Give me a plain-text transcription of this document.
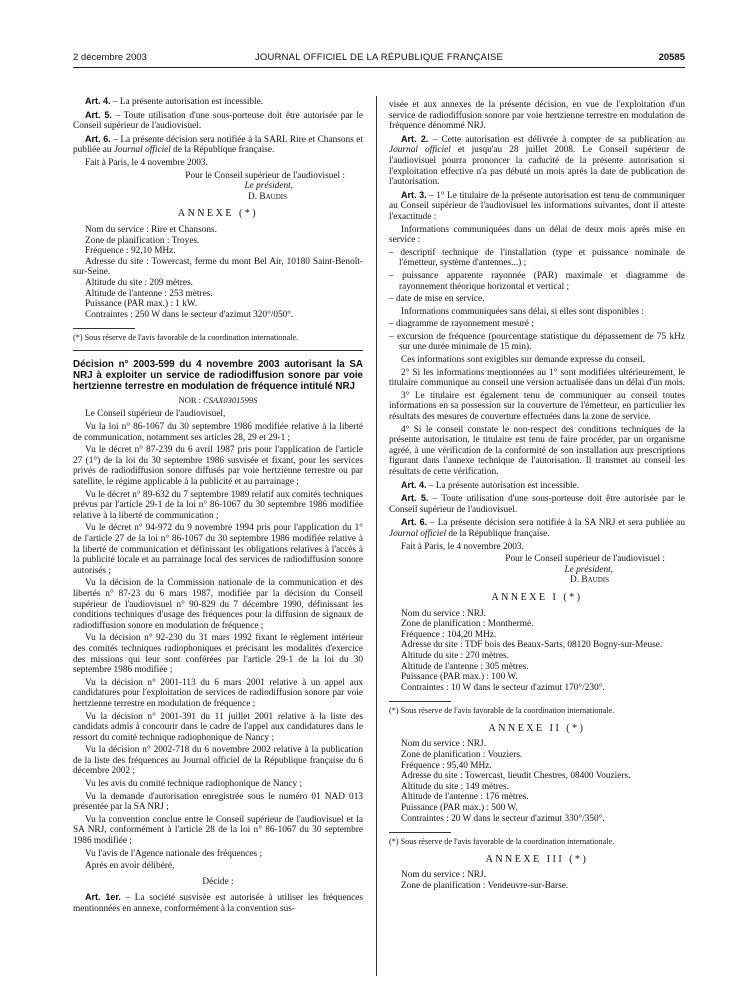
2 décembre 2003	JOURNAL OFFICIEL DE LA RÉPUBLIQUE FRANÇAISE	20585

Art. 4. – La présente autorisation est incessible.

Art. 5. – Toute utilisation d'une sous-porteuse doit être autorisée par le Conseil supérieur de l'audiovisuel.

Art. 6. – La présente décision sera notifiée à la SARL Rire et Chansons et publiée au Journal officiel de la République française.

Fait à Paris, le 4 novembre 2003.

Pour le Conseil supérieur de l'audiovisuel :
Le président,
D. Baudis
ANNEXE (*)

Nom du service : Rire et Chansons.

Zone de planification : Troyes.

Fréquence : 92,10 MHz.

Adresse du site : Towercast, ferme du mont Bel Air, 10180 Saint-Benoît-sur-Seine.

Altitude du site : 209 mètres.

Altitude de l'antenne : 253 mètres.

Puissance (PAR max.) : 1 kW.

Contraintes : 250 W dans le secteur d'azimut 320°/050°.

(*) Sous réserve de l'avis favorable de la coordination internationale.

Décision n° 2003-599 du 4 novembre 2003 autorisant la SA NRJ à exploiter un service de radiodiffusion sonore par voie hertzienne terrestre en modulation de fréquence intitulé NRJ
NOR : CSAX0301599S

Le Conseil supérieur de l'audiovisuel,

Vu la loi n° 86-1067 du 30 septembre 1986 modifiée relative à la liberté de communication, notamment ses articles 28, 29 et 29-1 ;

Vu le décret n° 87-239 du 6 avril 1987 pris pour l'application de l'article 27 (1°) de la loi du 30 septembre 1986 susvisée et fixant, pour les services privés de radiodiffusion sonore diffusés par voie hertzienne terrestre ou par satellite, le régime applicable à la publicité et au parrainage ;

Vu le décret n° 89-632 du 7 septembre 1989 relatif aux comités techniques prévus par l'article 29-1 de la loi n° 86-1067 du 30 septembre 1986 modifiée relative à la liberté de communication ;

Vu le décret n° 94-972 du 9 novembre 1994 pris pour l'application du 1° de l'article 27 de la loi n° 86-1067 du 30 septembre 1986 modifiée relative à la liberté de communication et définissant les obligations relatives à l'accès à la publicité locale et au parrainage local des services de radiodiffusion sonore autorisés ;

Vu la décision de la Commission nationale de la communication et des libertés n° 87-23 du 6 mars 1987, modifiée par la décision du Conseil supérieur de l'audiovisuel n° 90-829 du 7 décembre 1990, définissant les conditions techniques d'usage des fréquences pour la diffusion de signaux de radiodiffusion sonore en modulation de fréquence ;

Vu la décision n° 92-230 du 31 mars 1992 fixant le règlement intérieur des comités techniques radiophoniques et précisant les modalités d'exercice des missions qui leur sont conférées par l'article 29-1 de la loi du 30 septembre 1986 modifiée ;

Vu la décision n° 2001-113 du 6 mars 2001 relative à un appel aux candidatures pour l'exploitation de services de radiodiffusion sonore par voie hertzienne terrestre en modulation de fréquence ;

Vu la décision n° 2001-391 du 11 juillet 2001 relative à la liste des candidats admis à concourir dans le cadre de l'appel aux candidatures dans le ressort du comité technique radiophonique de Nancy ;

Vu la décision n° 2002-718 du 6 novembre 2002 relative à la publication de la liste des fréquences au Journal officiel de la République française du 6 décembre 2002 ;

Vu les avis du comité technique radiophonique de Nancy ;

Vu la demande d'autorisation enregistrée sous le numéro 01 NAD 013 présentée par la SA NRJ ;

Vu la convention conclue entre le Conseil supérieur de l'audiovisuel et la SA NRJ, conformément à l'article 28 de la loi n° 86-1067 du 30 septembre 1986 modifiée ;

Vu l'avis de l'Agence nationale des fréquences ;

Après en avoir délibéré,

Décide :

Art. 1er. – La société susvisée est autorisée à utiliser les fréquences mentionnées en annexe, conformément à la convention sus-

visée et aux annexes de la présente décision, en vue de l'exploitation d'un service de radiodiffusion sonore par voie hertzienne terrestre en modulation de fréquence dénommé NRJ.

Art. 2. – Cette autorisation est délivrée à compter de sa publication au Journal officiel et jusqu'au 28 juillet 2008. Le Conseil supérieur de l'audiovisuel pourra prononcer la caducité de la présente autorisation si l'exploitation effective n'a pas débuté un mois après la date de publication de l'autorisation.

Art. 3. – 1° Le titulaire de la présente autorisation est tenu de communiquer au Conseil supérieur de l'audiovisuel les informations suivantes, dont il atteste l'exactitude :

Informations communiquées dans un délai de deux mois après mise en service :

– descriptif technique de l'installation (type et puissance nominale de l'émetteur, système d'antennes...) ;

– puissance apparente rayonnée (PAR) maximale et diagramme de rayonnement théorique horizontal et vertical ;

– date de mise en service.

Informations communiquées sans délai, si elles sont disponibles :

– diagramme de rayonnement mesuré ;

– excursion de fréquence (pourcentage statistique du dépassement de 75 kHz sur une durée minimale de 15 min).

Ces informations sont exigibles sur demande expresse du conseil.

2° Si les informations mentionnées au 1° sont modifiées ultérieurement, le titulaire communique au conseil une version actualisée dans un délai d'un mois.

3° Le titulaire est également tenu de communiquer au conseil toutes informations en sa possession sur la couverture de l'émetteur, en particulier les résultats des mesures de couverture effectuées dans la zone de service.

4° Si le conseil constate le non-respect des conditions techniques de la présente autorisation, le titulaire est tenu de faire procéder, par un organisme agréé, à une vérification de la conformité de son installation aux prescriptions figurant dans l'annexe technique de l'autorisation. Il transmet au conseil les résultats de cette vérification.

Art. 4. – La présente autorisation est incessible.

Art. 5. – Toute utilisation d'une sous-porteuse doit être autorisée par le Conseil supérieur de l'audiovisuel.

Art. 6. – La présente décision sera notifiée à la SA NRJ et sera publiée au Journal officiel de la République française.

Fait à Paris, le 4 novembre 2003.

Pour le Conseil supérieur de l'audiovisuel :
Le président,
D. Baudis
ANNEXE I (*)

Nom du service : NRJ.

Zone de planification : Monthermé.

Fréquence : 104,20 MHz.

Adresse du site : TDF bois des Beaux-Sarts, 08120 Bogny-sur-Meuse.

Altitude du site : 270 mètres.

Altitude de l'antenne : 305 mètres.

Puissance (PAR max.) : 100 W.

Contraintes : 10 W dans le secteur d'azimut 170°/230°.

(*) Sous réserve de l'avis favorable de la coordination internationale.

ANNEXE II (*)

Nom du service : NRJ.

Zone de planification : Vouziers.

Fréquence : 95,40 MHz.

Adresse du site : Towercast, lieudit Chestres, 08400 Vouziers.

Altitude du site : 149 mètres.

Altitude de l'antenne : 176 mètres.

Puissance (PAR max.) : 500 W.

Contraintes : 20 W dans le secteur d'azimut 330°/350°.

(*) Sous réserve de l'avis favorable de la coordination internationale.

ANNEXE III (*)

Nom du service : NRJ.

Zone de planification : Vendeuvre-sur-Barse.
